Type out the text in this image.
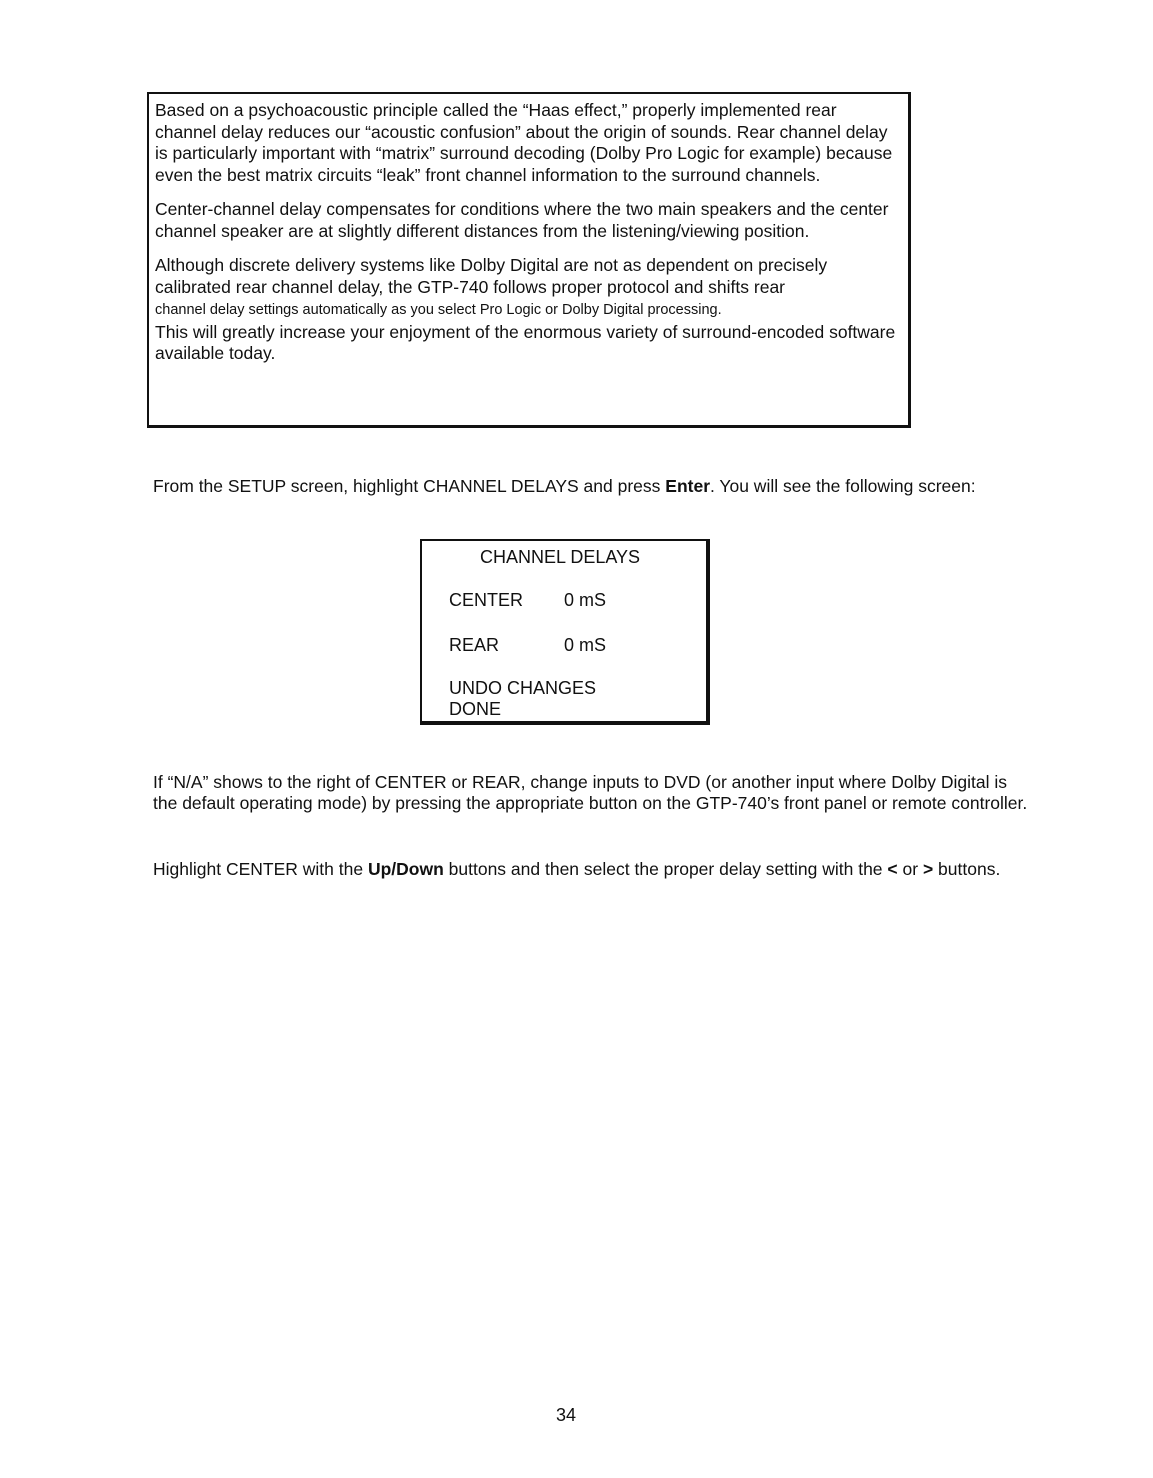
Based on a psychoacoustic principle called the “Haas effect,” properly implemented rear channel delay reduces our “acoustic confusion” about the origin of sounds. Rear channel delay is particularly important with “matrix” surround decoding (Dolby Pro Logic for example) because even the best matrix circuits “leak” front channel information to the surround channels.

Center-channel delay compensates for conditions where the two main speakers and the center channel speaker are at slightly different distances from the listening/viewing position.

Although discrete delivery systems like Dolby Digital are not as dependent on precisely calibrated rear channel delay, the GTP-740 follows proper protocol and shifts rear
channel delay settings automatically as you select Pro Logic or Dolby Digital processing.
This will greatly increase your enjoyment of the enormous variety of surround-encoded software available today.

From the SETUP screen, highlight CHANNEL DELAYS and press Enter. You will see the following screen:

CHANNEL DELAYS
CENTER 0 mS
REAR	0 mS
UNDO CHANGES
DONE

If “N/A” shows to the right of CENTER or REAR, change inputs to DVD (or another input where Dolby Digital is the default operating mode) by pressing the appropriate button on the GTP-740’s front panel or remote controller.

Highlight CENTER with the Up/Down buttons and then select the proper delay setting with the < or > buttons.

34
